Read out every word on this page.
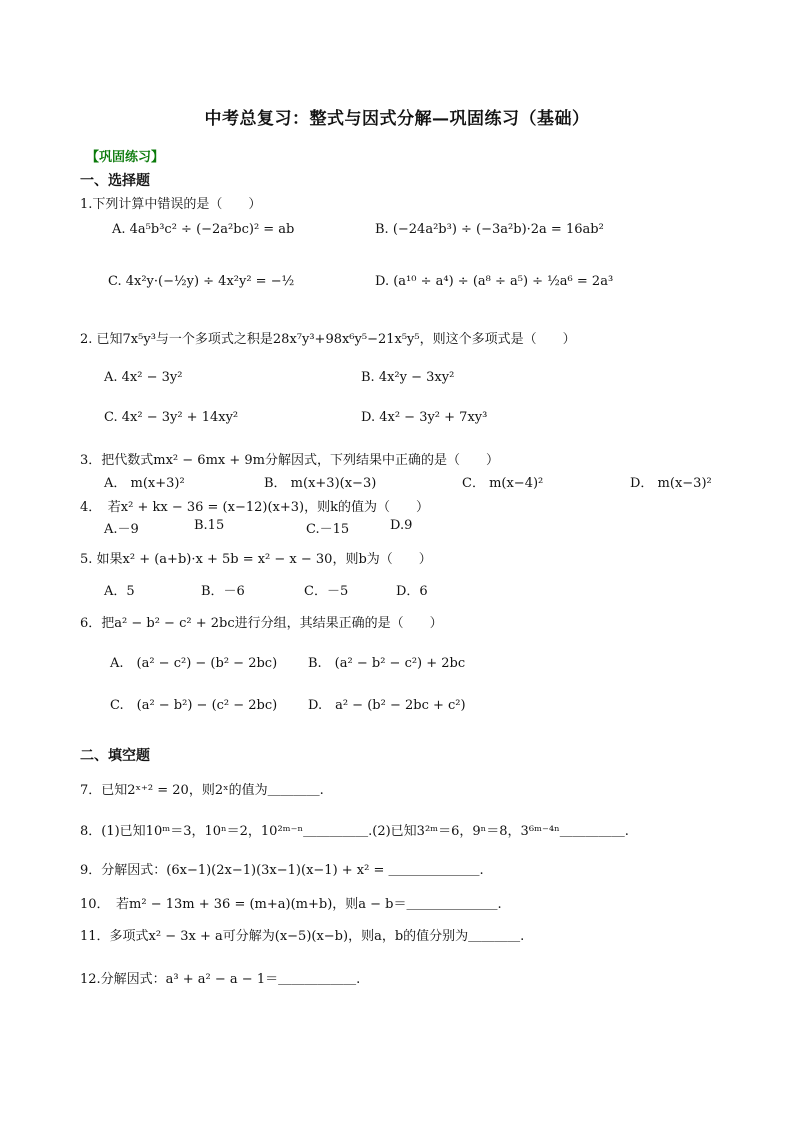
中考总复习：整式与因式分解—巩固练习（基础）
【巩固练习】
一、选择题
1.下列计算中错误的是（　　）
A. 4a⁵b³c² ÷ (−2a²bc)² = ab	B. (−24a²b³) ÷ (−3a²b)·2a = 16ab²
C. 4x²y·(−½y) ÷ 4x²y² = −½	D. (a¹⁰ ÷ a⁴) ÷ (a⁸ ÷ a⁵) ÷ ½a⁶ = 2a³
2. 已知7x⁵y³与一个多项式之积是28x⁷y³+98x⁶y⁵−21x⁵y⁵，则这个多项式是（　　）
A. 4x² − 3y²	B. 4x²y − 3xy²
C. 4x² − 3y² + 14xy²	D. 4x² − 3y² + 7xy³
3．把代数式mx² − 6mx + 9m分解因式，下列结果中正确的是（　　）
A． m(x+3)²	B． m(x+3)(x−3)	C． m(x−4)²	D． m(x−3)²
4．　若x² + kx − 36 = (x−12)(x+3)，则k的值为（　　）
A.－9	B.15	C.－15	D.9
5. 如果x² + (a+b)·x + 5b = x² − x − 30，则b为（　　）
A．5	B．－6	C．－5	D．6
6．把a² − b² − c² + 2bc进行分组，其结果正确的是（　　）
A.　(a² − c²) − (b² − 2bc) B.　(a² − b² − c²) + 2bc
C.　(a² − b²) − (c² − 2bc) D.　a² − (b² − 2bc + c²)
二、填空题
7．已知2ˣ⁺² = 20，则2ˣ的值为＿＿＿＿.
8．(1)已知10ᵐ＝3，10ⁿ＝2，10²ᵐ⁻ⁿ＿＿＿＿＿.(2)已知3²ᵐ＝6，9ⁿ＝8，3⁶ᵐ⁻⁴ⁿ＿＿＿＿＿.
9．分解因式：(6x−1)(2x−1)(3x−1)(x−1) + x² = ＿＿＿＿＿＿＿.
10．　若m² − 13m + 36 = (m+a)(m+b)，则a − b＝＿＿＿＿＿＿＿.
11．多项式x² − 3x + a可分解为(x−5)(x−b)，则a，b的值分别为＿＿＿＿.
12.分解因式：a³ + a² − a − 1＝＿＿＿＿＿＿.
